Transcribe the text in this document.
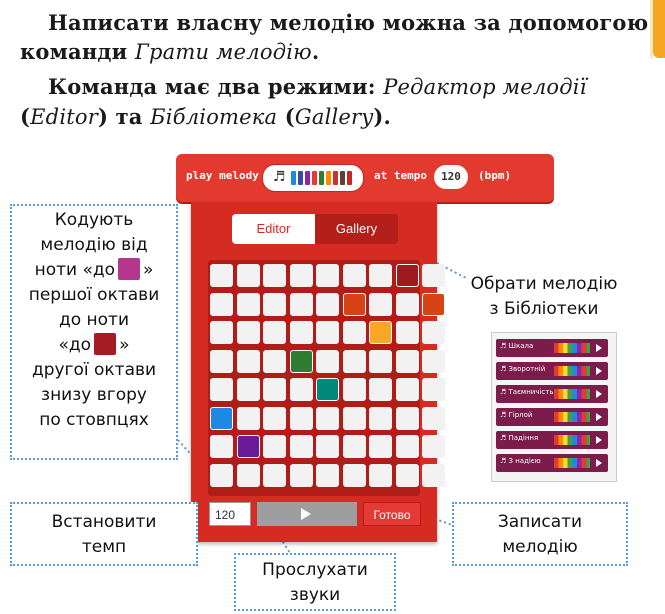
Написати власну мелодію можна за допомогою команди Грати мелодію.
Команда має два режими: Редактор мелодії (Editor) та Бібліотека (Gallery).
play melody ♬	at tempo	120	(bpm)
Editor	Gallery
120	Готово
Кодують
мелодію від
ноти «до »
першої октави
до ноти
«до »
другої октави
знизу вгору
по стовпцях
Обрати мелодію
з Бібліотеки
♬ Шкала
♬ Зворотній
♬ Таємничість
♬ Гірлой
♬ Падіння
♬ З надією
Встановити
темп
Прослухати
звуки
Записати
мелодію
